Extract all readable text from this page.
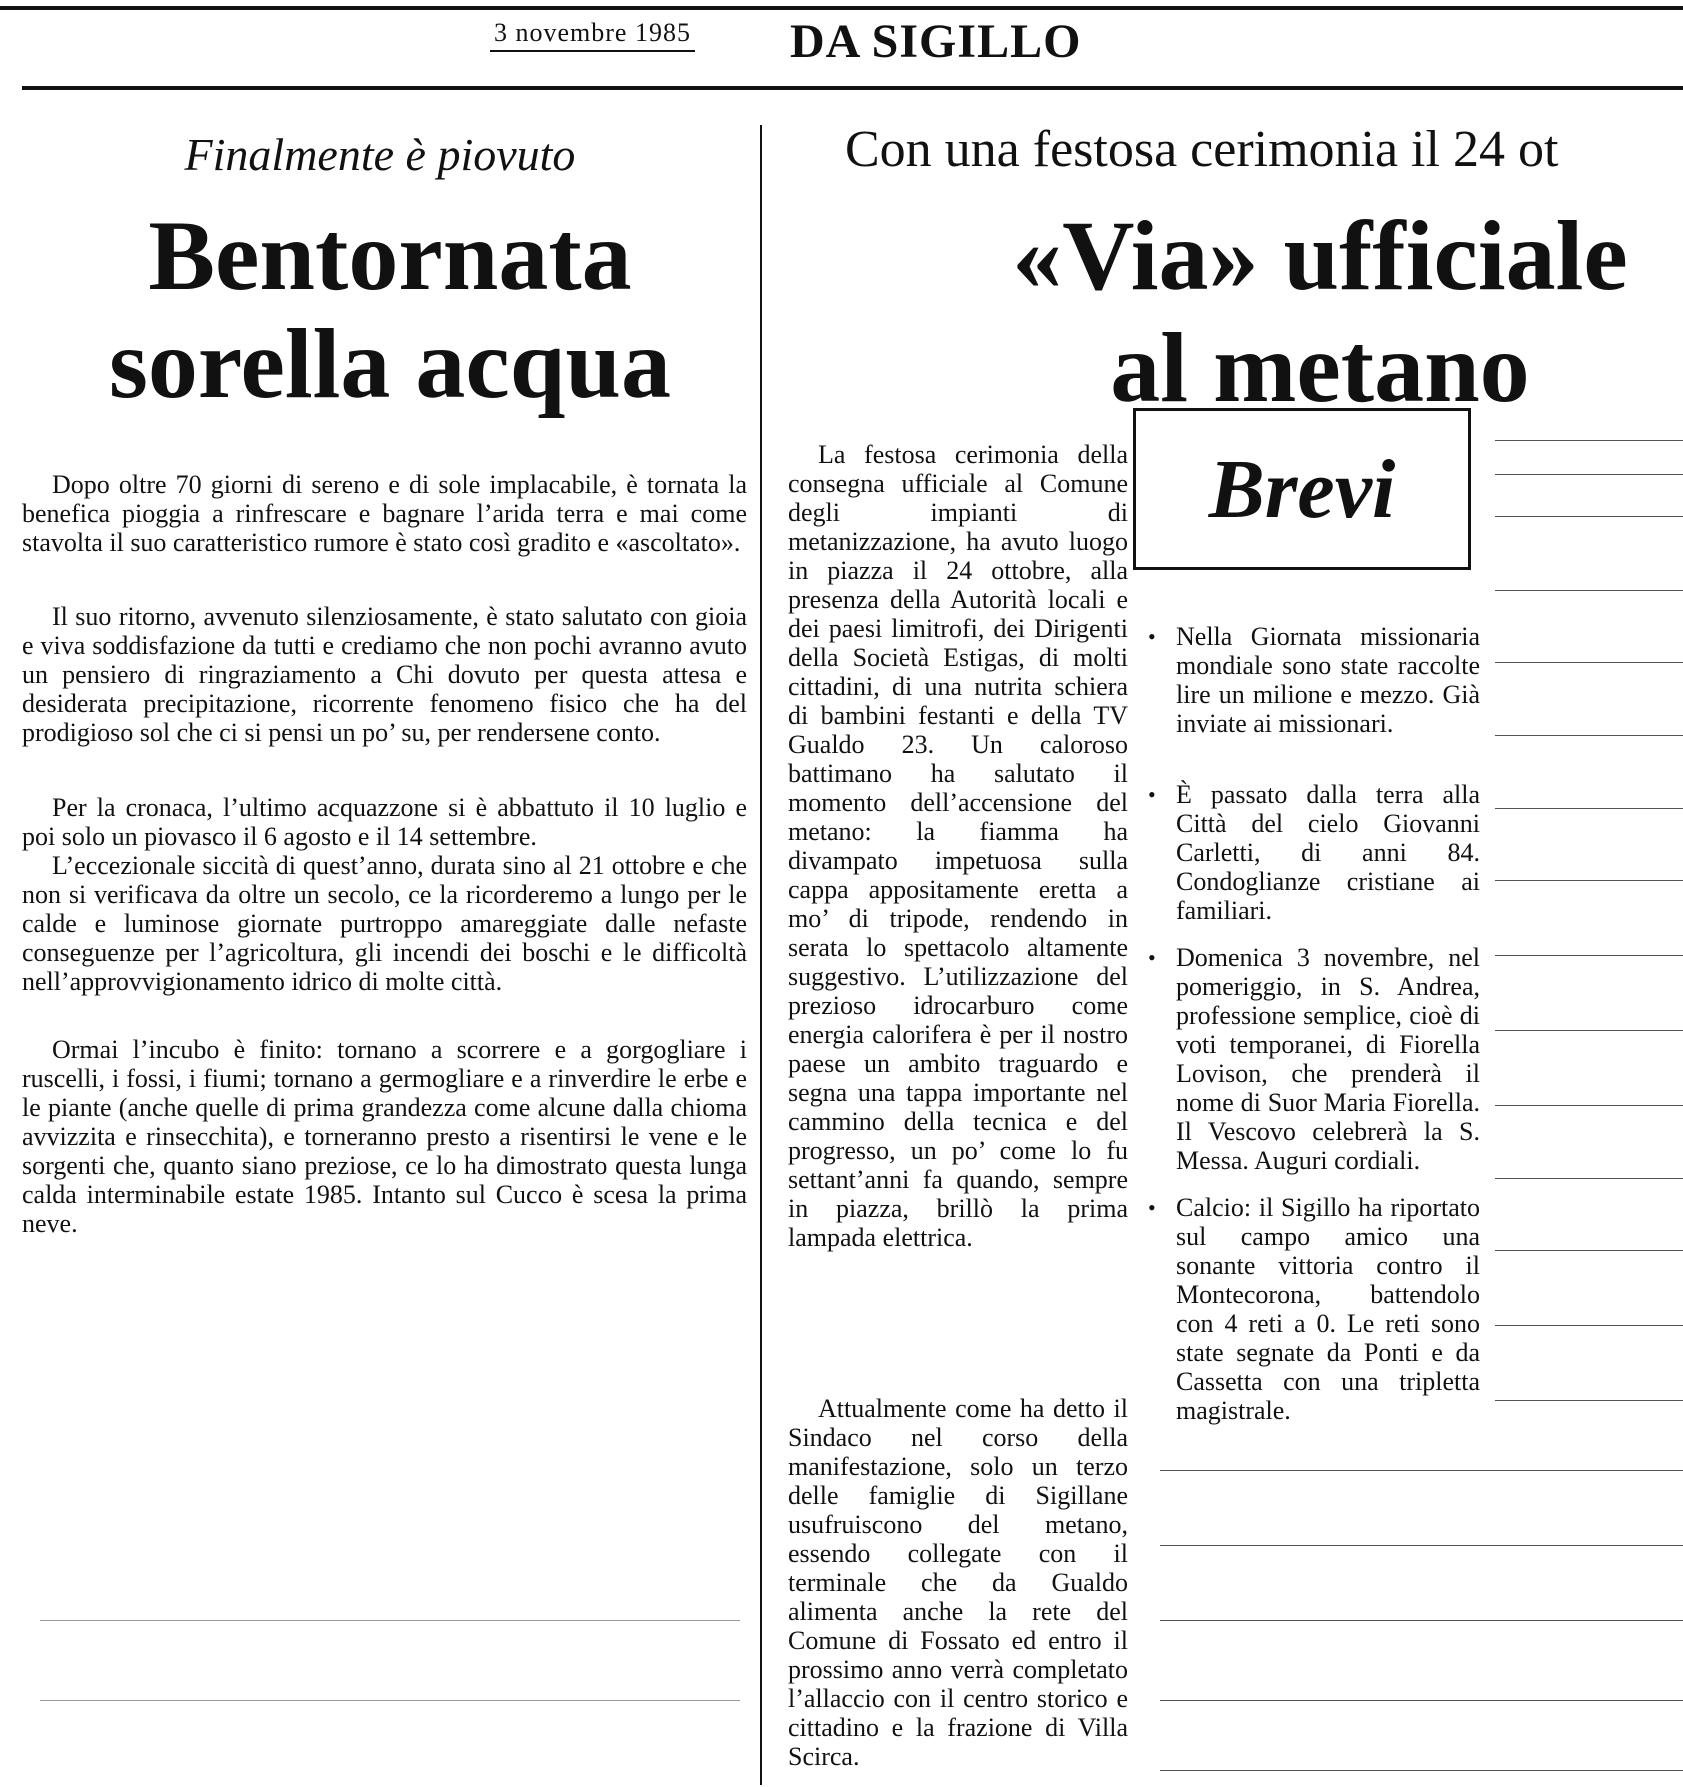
3 novembre 1985 DA SIGILLO
Finalmente è piovuto
Bentornata
sorella acqua

Dopo oltre 70 giorni di sereno e di sole implacabile, è tornata la benefica pioggia a rinfrescare e bagnare l’arida terra e mai come stavolta il suo caratteristico rumore è stato così gradito e «ascoltato».

Il suo ritorno, avvenuto silenziosamente, è stato salutato con gioia e viva soddisfazione da tutti e crediamo che non pochi avranno avuto un pensiero di ringraziamento a Chi dovuto per questa attesa e desiderata precipitazione, ricorrente fenomeno fisico che ha del prodigioso sol che ci si pensi un po’ su, per rendersene conto.

Per la cronaca, l’ultimo acquazzone si è abbattuto il 10 luglio e poi solo un piovasco il 6 agosto e il 14 settembre.

L’eccezionale siccità di quest’anno, durata sino al 21 ottobre e che non si verificava da oltre un secolo, ce la ricorderemo a lungo per le calde e luminose giornate purtroppo amareggiate dalle nefaste conseguenze per l’agricoltura, gli incendi dei boschi e le difficoltà nell’approvvigionamento idrico di molte città.

Ormai l’incubo è finito: tornano a scorrere e a gorgogliare i ruscelli, i fossi, i fiumi; tornano a germogliare e a rinverdire le erbe e le piante (anche quelle di prima grandezza come alcune dalla chioma avvizzita e rinsecchita), e torneranno presto a risentirsi le vene e le sorgenti che, quanto siano preziose, ce lo ha dimostrato questa lunga calda interminabile estate 1985. Intanto sul Cucco è scesa la prima neve.

Con una festosa cerimonia il 24 ot
«Via» ufficiale
al metano

La festosa cerimonia della consegna ufficiale al Comune degli impianti di metanizzazione, ha avuto luogo in piazza il 24 ottobre, alla presenza della Autorità locali e dei paesi limitrofi, dei Dirigenti della Società Estigas, di molti cittadini, di una nutrita schiera di bambini festanti e della TV Gualdo 23. Un caloroso battimano ha salutato il momento dell’accensione del metano: la fiamma ha divampato impetuosa sulla cappa appositamente eretta a mo’ di tripode, rendendo in serata lo spettacolo altamente suggestivo. L’utilizzazione del prezioso idrocarburo come energia calorifera è per il nostro paese un ambito traguardo e segna una tappa importante nel cammino della tecnica e del progresso, un po’ come lo fu settant’anni fa quando, sempre in piazza, brillò la prima lampada elettrica.

Attualmente come ha detto il Sindaco nel corso della manifestazione, solo un terzo delle famiglie di Sigillane usufruiscono del metano, essendo collegate con il terminale che da Gualdo alimenta anche la rete del Comune di Fossato ed entro il prossimo anno verrà completato l’allaccio con il centro storico e cittadino e la frazione di Villa Scirca.

Brevi
• Nella Giornata missionaria mondiale sono state raccolte lire un milione e mezzo. Già inviate ai missionari.
• È passato dalla terra alla Città del cielo Giovanni Carletti, di anni 84. Condoglianze cristiane ai familiari.
• Domenica 3 novembre, nel pomeriggio, in S. Andrea, professione semplice, cioè di voti temporanei, di Fiorella Lovison, che prenderà il nome di Suor Maria Fiorella. Il Vescovo celebrerà la S. Messa. Auguri cordiali.
• Calcio: il Sigillo ha riportato sul campo amico una sonante vittoria contro il Montecorona, battendolo con 4 reti a 0. Le reti sono state segnate da Ponti e da Cassetta con una tripletta magistrale.
